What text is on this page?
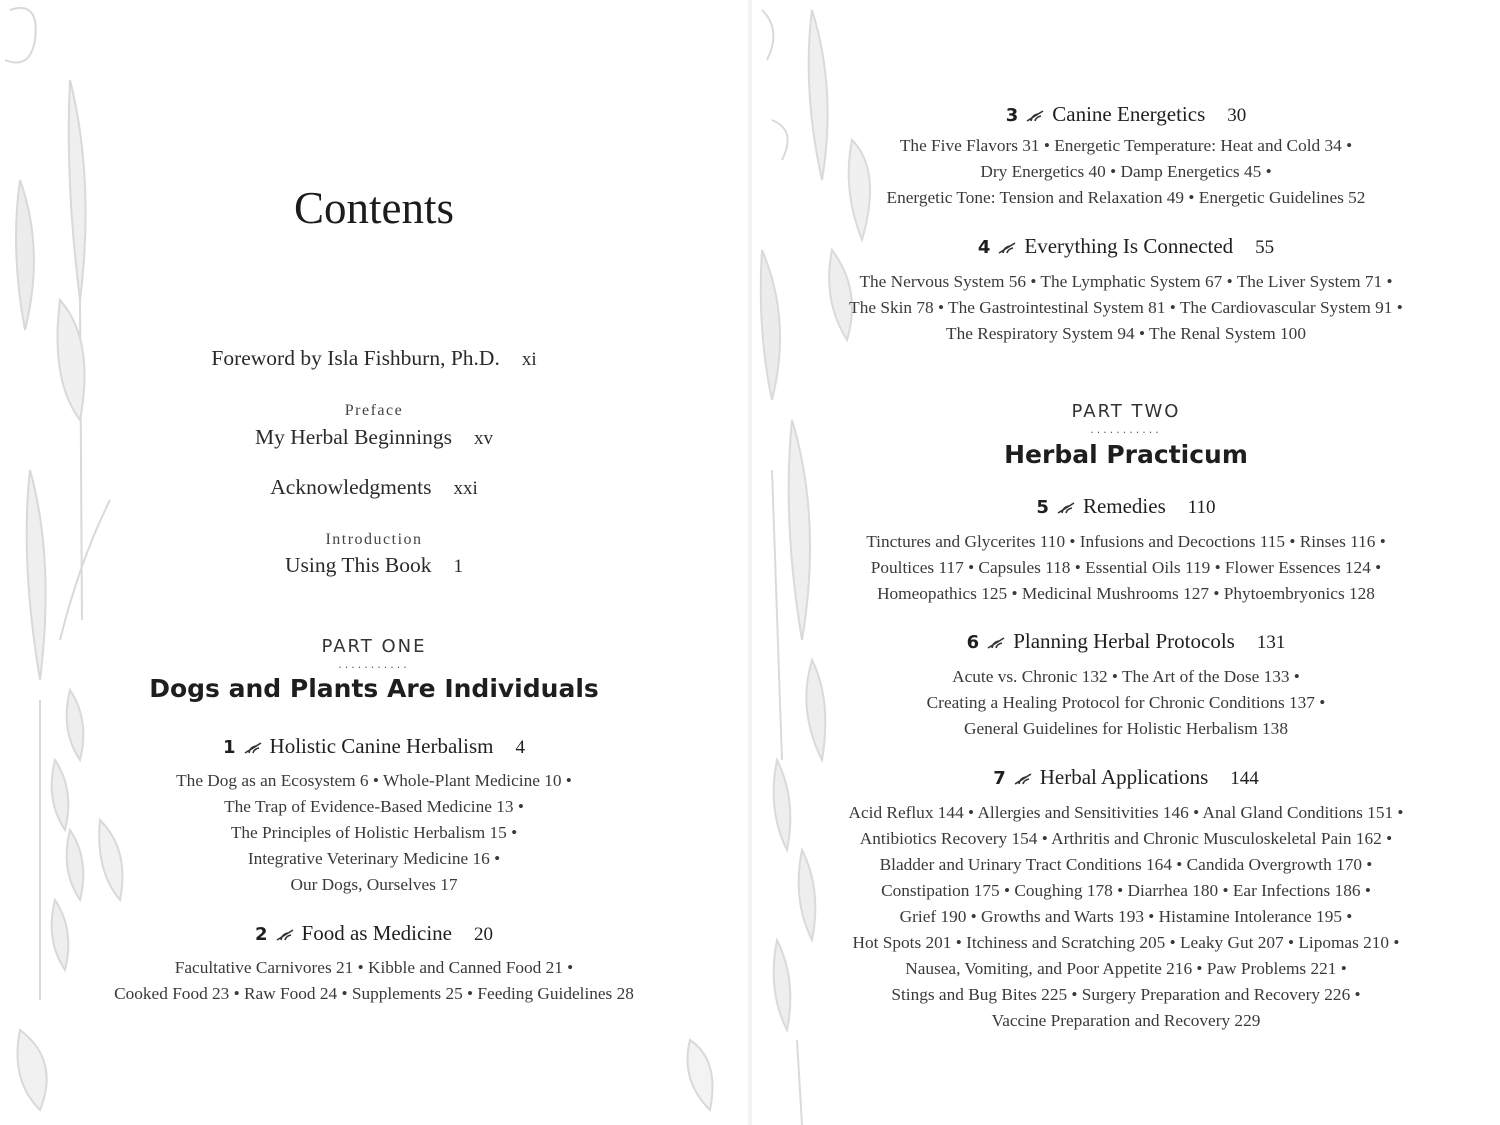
Contents
Foreword by Isla Fishburn, Ph.D. xi
Preface
My Herbal Beginnings xv
Acknowledgments xxi
Introduction
Using This Book 1
PART ONE
...........
Dogs and Plants Are Individuals
1 Holistic Canine Herbalism 4
The Dog as an Ecosystem 6 • Whole-Plant Medicine 10 •
The Trap of Evidence-Based Medicine 13 •
The Principles of Holistic Herbalism 15 •
Integrative Veterinary Medicine 16 •
Our Dogs, Ourselves 17
2 Food as Medicine 20
Facultative Carnivores 21 • Kibble and Canned Food 21 •
Cooked Food 23 • Raw Food 24 • Supplements 25 • Feeding Guidelines 28
3 Canine Energetics 30
The Five Flavors 31 • Energetic Temperature: Heat and Cold 34 •
Dry Energetics 40 • Damp Energetics 45 •
Energetic Tone: Tension and Relaxation 49 • Energetic Guidelines 52
4 Everything Is Connected 55
The Nervous System 56 • The Lymphatic System 67 • The Liver System 71 •
The Skin 78 • The Gastrointestinal System 81 • The Cardiovascular System 91 •
The Respiratory System 94 • The Renal System 100
PART TWO
...........
Herbal Practicum
5 Remedies 110
Tinctures and Glycerites 110 • Infusions and Decoctions 115 • Rinses 116 •
Poultices 117 • Capsules 118 • Essential Oils 119 • Flower Essences 124 •
Homeopathics 125 • Medicinal Mushrooms 127 • Phytoembryonics 128
6 Planning Herbal Protocols 131
Acute vs. Chronic 132 • The Art of the Dose 133 •
Creating a Healing Protocol for Chronic Conditions 137 •
General Guidelines for Holistic Herbalism 138
7 Herbal Applications 144
Acid Reflux 144 • Allergies and Sensitivities 146 • Anal Gland Conditions 151 •
Antibiotics Recovery 154 • Arthritis and Chronic Musculoskeletal Pain 162 •
Bladder and Urinary Tract Conditions 164 • Candida Overgrowth 170 •
Constipation 175 • Coughing 178 • Diarrhea 180 • Ear Infections 186 •
Grief 190 • Growths and Warts 193 • Histamine Intolerance 195 •
Hot Spots 201 • Itchiness and Scratching 205 • Leaky Gut 207 • Lipomas 210 •
Nausea, Vomiting, and Poor Appetite 216 • Paw Problems 221 •
Stings and Bug Bites 225 • Surgery Preparation and Recovery 226 •
Vaccine Preparation and Recovery 229
